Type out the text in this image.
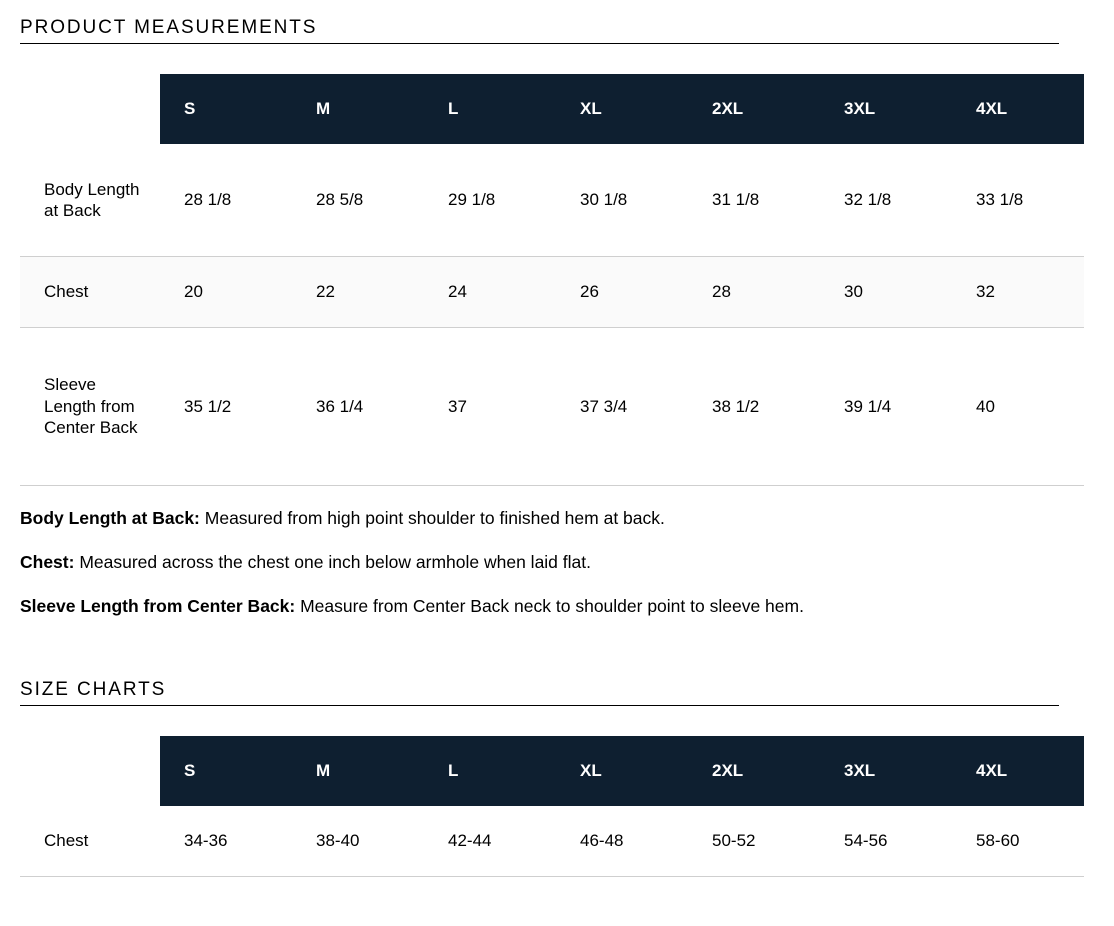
PRODUCT MEASUREMENTS
	S	M	L	XL	2XL	3XL	4XL
Body Length at Back	28 1/8	28 5/8	29 1/8	30 1/8	31 1/8	32 1/8	33 1/8
Chest	20	22	24	26	28	30	32
Sleeve Length from Center Back	35 1/2	36 1/4	37	37 3/4	38 1/2	39 1/4	40

Body Length at Back: Measured from high point shoulder to finished hem at back.

Chest: Measured across the chest one inch below armhole when laid flat.

Sleeve Length from Center Back: Measure from Center Back neck to shoulder point to sleeve hem.

SIZE CHARTS
	S	M	L	XL	2XL	3XL	4XL
Chest	34-36	38-40	42-44	46-48	50-52	54-56	58-60
